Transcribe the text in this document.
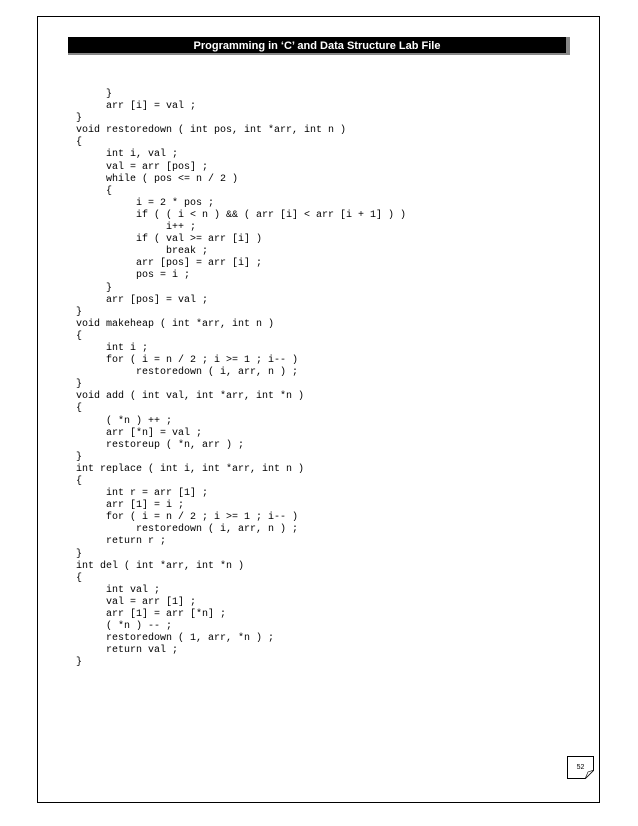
Programming in ‘C’ and Data Structure Lab File
}
arr [i] = val ;
}
void restoredown ( int pos, int *arr, int n )
{
int i, val ;
val = arr [pos] ;
while ( pos <= n / 2 )
{
i = 2 * pos ;
if ( ( i < n ) && ( arr [i] < arr [i + 1] ) )
i++ ;
if ( val >= arr [i] )
break ;
arr [pos] = arr [i] ;
pos = i ;
}
arr [pos] = val ;
}
void makeheap ( int *arr, int n )
{
int i ;
for ( i = n / 2 ; i >= 1 ; i-- )
restoredown ( i, arr, n ) ;
}
void add ( int val, int *arr, int *n )
{
( *n ) ++ ;
arr [*n] = val ;
restoreup ( *n, arr ) ;
}
int replace ( int i, int *arr, int n )
{
int r = arr [1] ;
arr [1] = i ;
for ( i = n / 2 ; i >= 1 ; i-- )
restoredown ( i, arr, n ) ;
return r ;
}
int del ( int *arr, int *n )
{
int val ;
val = arr [1] ;
arr [1] = arr [*n] ;
( *n ) -- ;
restoredown ( 1, arr, *n ) ;
return val ;
}
52
